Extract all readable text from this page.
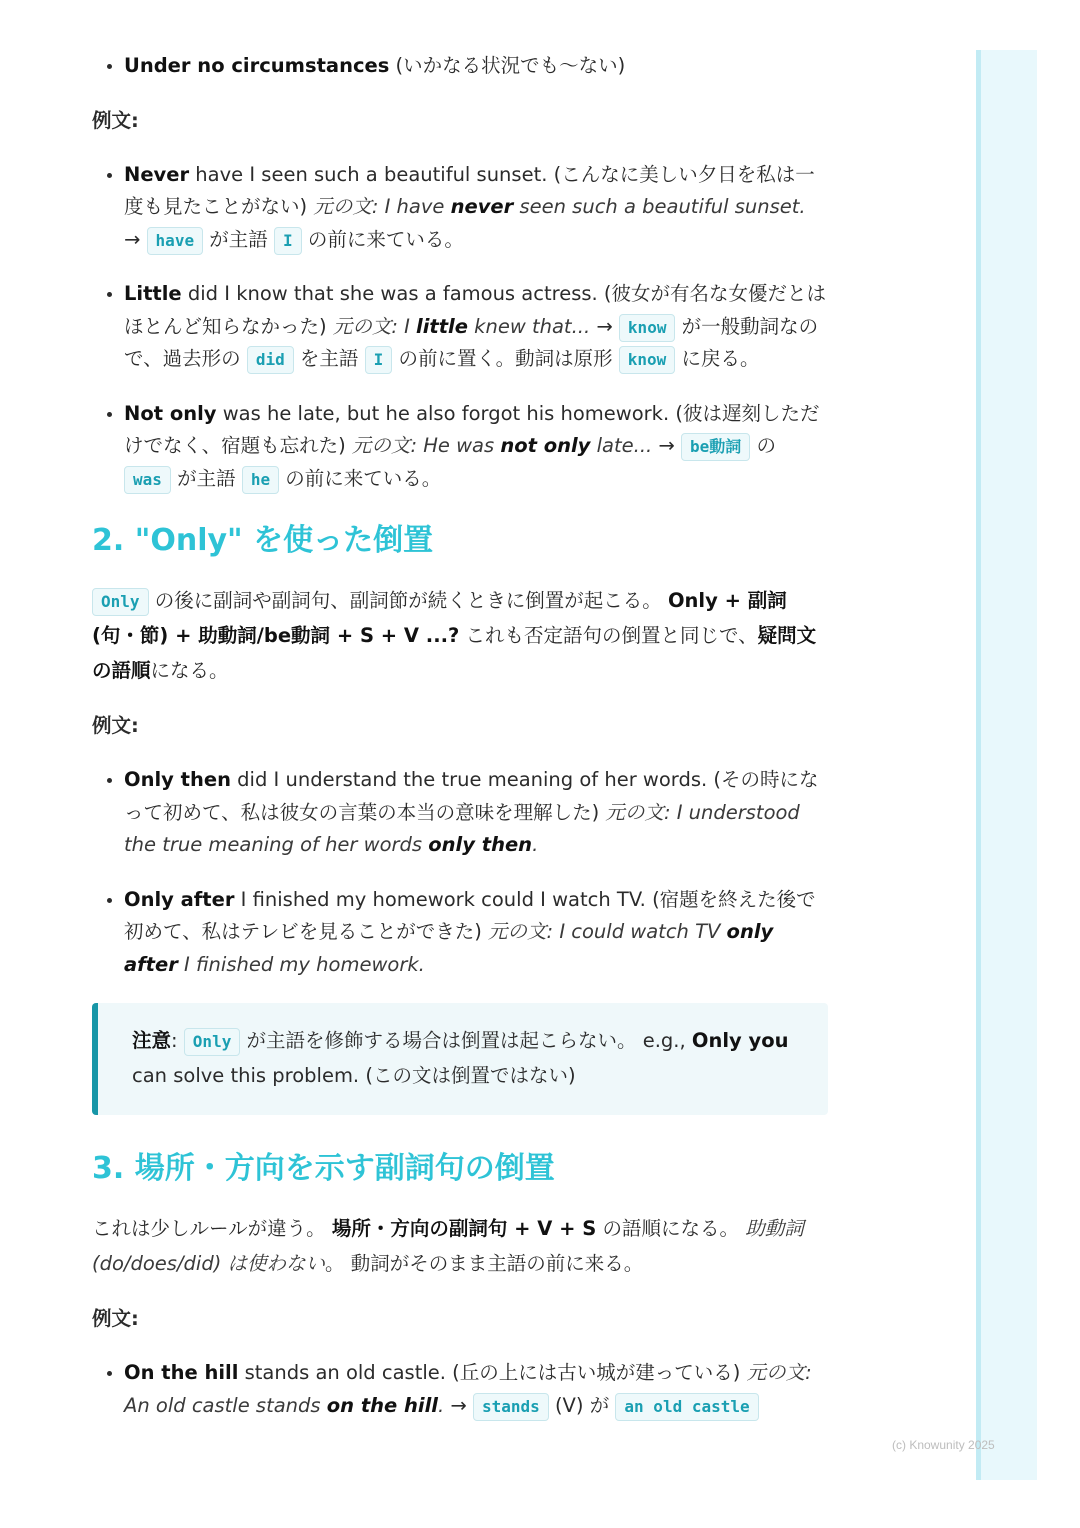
• Under no circumstances (いかなる状況でも〜ない)
例文:
• Never have I seen such a beautiful sunset. (こんなに美しい夕日を私は一度も見たことがない) 元の文: I have never seen such a beautiful sunset. → have が主語 I の前に来ている。
• Little did I know that she was a famous actress. (彼女が有名な女優だとはほとんど知らなかった) 元の文: I little knew that... → know が一般動詞なので、過去形の did を主語 I の前に置く。動詞は原形 know に戻る。
• Not only was he late, but he also forgot his homework. (彼は遅刻しただけでなく、宿題も忘れた) 元の文: He was not only late... → be動詞 の was が主語 he の前に来ている。
2. "Only" を使った倒置

Only の後に副詞や副詞句、副詞節が続くときに倒置が起こる。 Only + 副詞(句・節) + 助動詞/be動詞 + S + V ...? これも否定語句の倒置と同じで、疑問文の語順になる。

例文:
• Only then did I understand the true meaning of her words. (その時になって初めて、私は彼女の言葉の本当の意味を理解した) 元の文: I understood the true meaning of her words only then.
• Only after I finished my homework could I watch TV. (宿題を終えた後で初めて、私はテレビを見ることができた) 元の文: I could watch TV only after I finished my homework.
注意: Only が主語を修飾する場合は倒置は起こらない。 e.g., Only you can solve this problem. (この文は倒置ではない)
3. 場所・方向を示す副詞句の倒置

これは少しルールが違う。 場所・方向の副詞句 + V + S の語順になる。 助動詞 (do/does/did) は使わない。 動詞がそのまま主語の前に来る。

例文:
• On the hill stands an old castle. (丘の上には古い城が建っている) 元の文: An old castle stands on the hill. → stands (V) が an old castle
(c) Knowunity 2025
